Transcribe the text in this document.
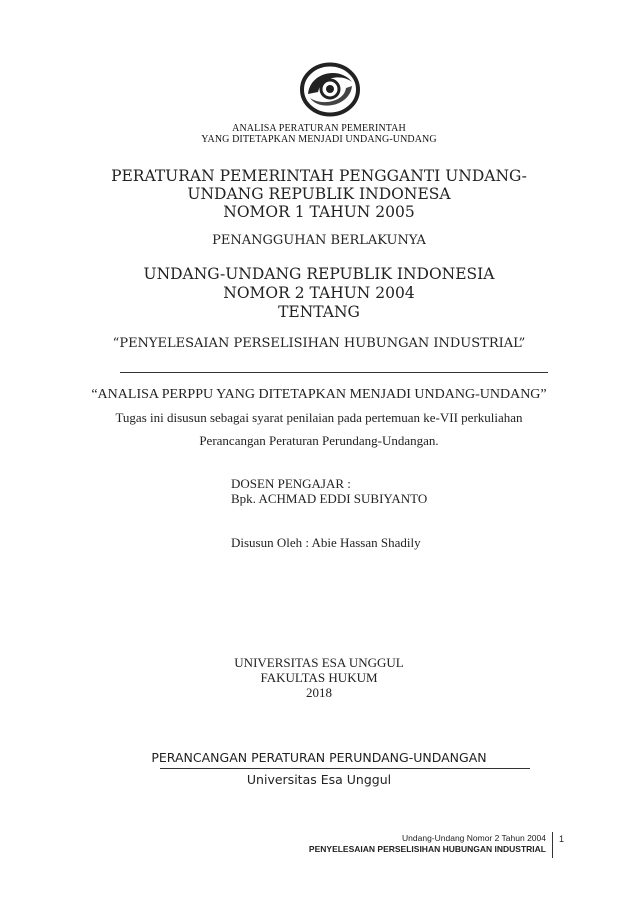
ANALISA PERATURAN PEMERINTAH
YANG DITETAPKAN MENJADI UNDANG-UNDANG
PERATURAN PEMERINTAH PENGGANTI UNDANG-
UNDANG REPUBLIK INDONESA
NOMOR 1 TAHUN 2005
PENANGGUHAN BERLAKUNYA
UNDANG-UNDANG REPUBLIK INDONESIA
NOMOR 2 TAHUN 2004
TENTANG
“PENYELESAIAN PERSELISIHAN HUBUNGAN INDUSTRIAL”
“ANALISA PERPPU YANG DITETAPKAN MENJADI UNDANG-UNDANG”
Tugas ini disusun sebagai syarat penilaian pada pertemuan ke-VII perkuliahan
Perancangan Peraturan Perundang-Undangan.
DOSEN PENGAJAR :
Bpk. ACHMAD EDDI SUBIYANTO
Disusun Oleh : Abie Hassan Shadily
UNIVERSITAS ESA UNGGUL
FAKULTAS HUKUM
2018
PERANCANGAN PERATURAN PERUNDANG-UNDANGAN
Universitas Esa Unggul
Undang-Undang Nomor 2 Tahun 2004
PENYELESAIAN PERSELISIHAN HUBUNGAN INDUSTRIAL
1
